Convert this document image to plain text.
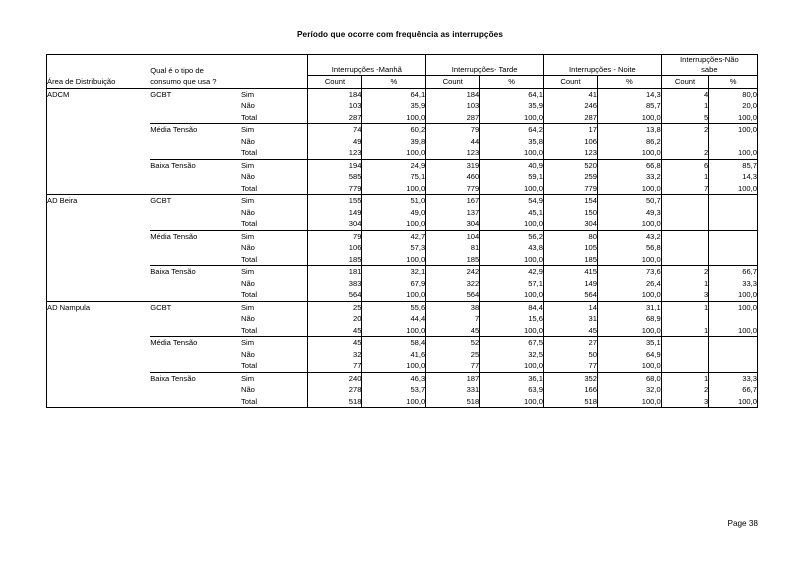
Período que ocorre com frequência as interrupções
	Qual é o tipo de		Interrupções -Manhã		Interrupções- Tarde		Interrupções - Noite		Interrupções-Não
sabe	
Área de Distribuição	consumo que usa ?		Count	%	Count	%	Count	%	Count	%
ADCM	GCBT	Sim	184	64,1	184	64,1	41	14,3	4	80,0
		Não	103	35,9	103	35,9	246	85,7	1	20,0
		Total	287	100,0	287	100,0	287	100,0	5	100,0
	Média Tensão	Sim	74	60,2	79	64,2	17	13,8	2	100,0
		Não	49	39,8	44	35,8	106	86,2		
		Total	123	100,0	123	100,0	123	100,0	2	100,0
	Baixa Tensão	Sim	194	24,9	319	40,9	520	66,8	6	85,7
		Não	585	75,1	460	59,1	259	33,2	1	14,3
		Total	779	100,0	779	100,0	779	100,0	7	100,0
AD Beira	GCBT	Sim	155	51,0	167	54,9	154	50,7		
		Não	149	49,0	137	45,1	150	49,3		
		Total	304	100,0	304	100,0	304	100,0		
	Média Tensão	Sim	79	42,7	104	56,2	80	43,2		
		Não	106	57,3	81	43,8	105	56,8		
		Total	185	100,0	185	100,0	185	100,0		
	Baixa Tensão	Sim	181	32,1	242	42,9	415	73,6	2	66,7
		Não	383	67,9	322	57,1	149	26,4	1	33,3
		Total	564	100,0	564	100,0	564	100,0	3	100,0
AD Nampula	GCBT	Sim	25	55,6	38	84,4	14	31,1	1	100,0
		Não	20	44,4	7	15,6	31	68,9		
		Total	45	100,0	45	100,0	45	100,0	1	100,0
	Média Tensão	Sim	45	58,4	52	67,5	27	35,1		
		Não	32	41,6	25	32,5	50	64,9		
		Total	77	100,0	77	100,0	77	100,0		
	Baixa Tensão	Sim	240	46,3	187	36,1	352	68,0	1	33,3
		Não	278	53,7	331	63,9	166	32,0	2	66,7
		Total	518	100,0	518	100,0	518	100,0	3	100,0
Page 38
